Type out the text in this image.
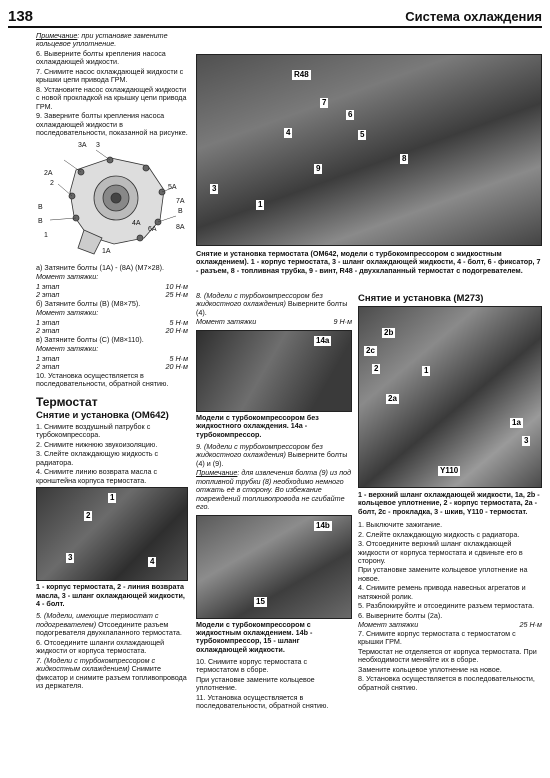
138	Система охлаждения

Примечание: при установке замените кольцевое уплотнение.

6. Выверните болты крепления насоса охлаждающей жидкости.

7. Снимите насос охлаждающей жидкости с крышки цепи привода ГРМ.

8. Установите насос охлаждающей жидкости с новой прокладкой на крышку цепи привода ГРМ.

9. Заверните болты крепления насоса охлаждающей жидкости в последовательности, показанной на рисунке.

3A 3
2A
2
5A
7A
B
B
B
4A
6A	8A
1
1A

а) Затяните болты (1А) - (8А) (М7×28).

Момент затяжки:

1 этап	10 Н·м
2 этап	25 Н·м

б) Затяните болты (В) (М8×75).

Момент затяжки:

1 этап	5 Н·м
2 этап	20 Н·м

в) Затяните болты (С) (М8×110).

Момент затяжки:

1 этап	5 Н·м
2 этап	20 Н·м

10. Установка осуществляется в последовательности, обратной снятию.

Термостат
Снятие и установка (ОМ642)

1. Снимите воздушный патрубок с турбокомпрессора.

2. Снимите нижнюю звукоизоляцию.

3. Слейте охлаждающую жидкость с радиатора.

4. Снимите линию возврата масла с кронштейна корпуса термостата.

1
2
3	4

1 - корпус термостата, 2 - линия возврата масла, 3 - шланг охлаждающей жидкости, 4 - болт.

5. (Модели, имеющие термостат с подогревателем) Отсоедините разъем подогревателя двухклапанного термостата.

6. Отсоедините шланги охлаждающей жидкости от корпуса термостата.

7. (Модели с турбокомпрессором с жидкостным охлаждением) Снимите фиксатор и снимите разъем топливопровода из держателя.

R48
7
4
6
5
9
8
3
1

Снятие и установка термостата (ОМ642, модели с турбокомпрессором с жидкостным охлаждением). 1 - корпус термостата, 3 - шланг охлаждающей жидкости, 4 - болт, 6 - фиксатор, 7 - разъем, 8 - топливная трубка, 9 - винт, R48 - двухклапанный термостат с подогревателем.

8. (Модели с турбокомпрессором без жидкостного охлаждения) Выверните болты (4).

Момент затяжки	9 Н·м
14a

Модели с турбокомпрессором без жидкостного охлаждения. 14а - турбокомпрессор.

9. (Модели с турбокомпрессором без жидкостного охлаждения) Выверните болты (4) и (9).

Примечание: для извлечения болта (9) из под топливной трубки (8) необходимо немного отжать её в сторону. Во избежание повреждений топливопровода не сгибайте его.

14b
15

Модели с турбокомпрессором с жидкостным охлаждением. 14b - турбокомпрессор, 15 - шланг охлаждающей жидкости.

10. Снимите корпус термостата с термостатом в сборе.

При установке замените кольцевое уплотнение.

11. Установка осуществляется в последовательности, обратной снятию.

Снятие и установка (М273)
2b
2c
2
2a
1
1a
3
Y110

1 - верхний шланг охлаждающей жидкости, 1а, 2b - кольцевое уплотнение, 2 - корпус термостата, 2а - болт, 2с - прокладка, 3 - шкив, Y110 - термостат.

1. Выключите зажигание.

2. Слейте охлаждающую жидкость с радиатора.

3. Отсоедините верхний шланг охлаждающей жидкости от корпуса термостата и сдвиньте его в сторону.

При установке замените кольцевое уплотнение на новое.

4. Снимите ремень привода навесных агрегатов и натяжной ролик.

5. Разблокируйте и отсоедините разъем термостата.

6. Выверните болты (2а).

Момент затяжки	25 Н·м

7. Снимите корпус термостата с термостатом с крышки ГРМ.

Термостат не отделяется от корпуса термостата. При необходимости меняйте их в сборе.

Замените кольцевое уплотнение на новое.

8. Установка осуществляется в последовательности, обратной снятию.
